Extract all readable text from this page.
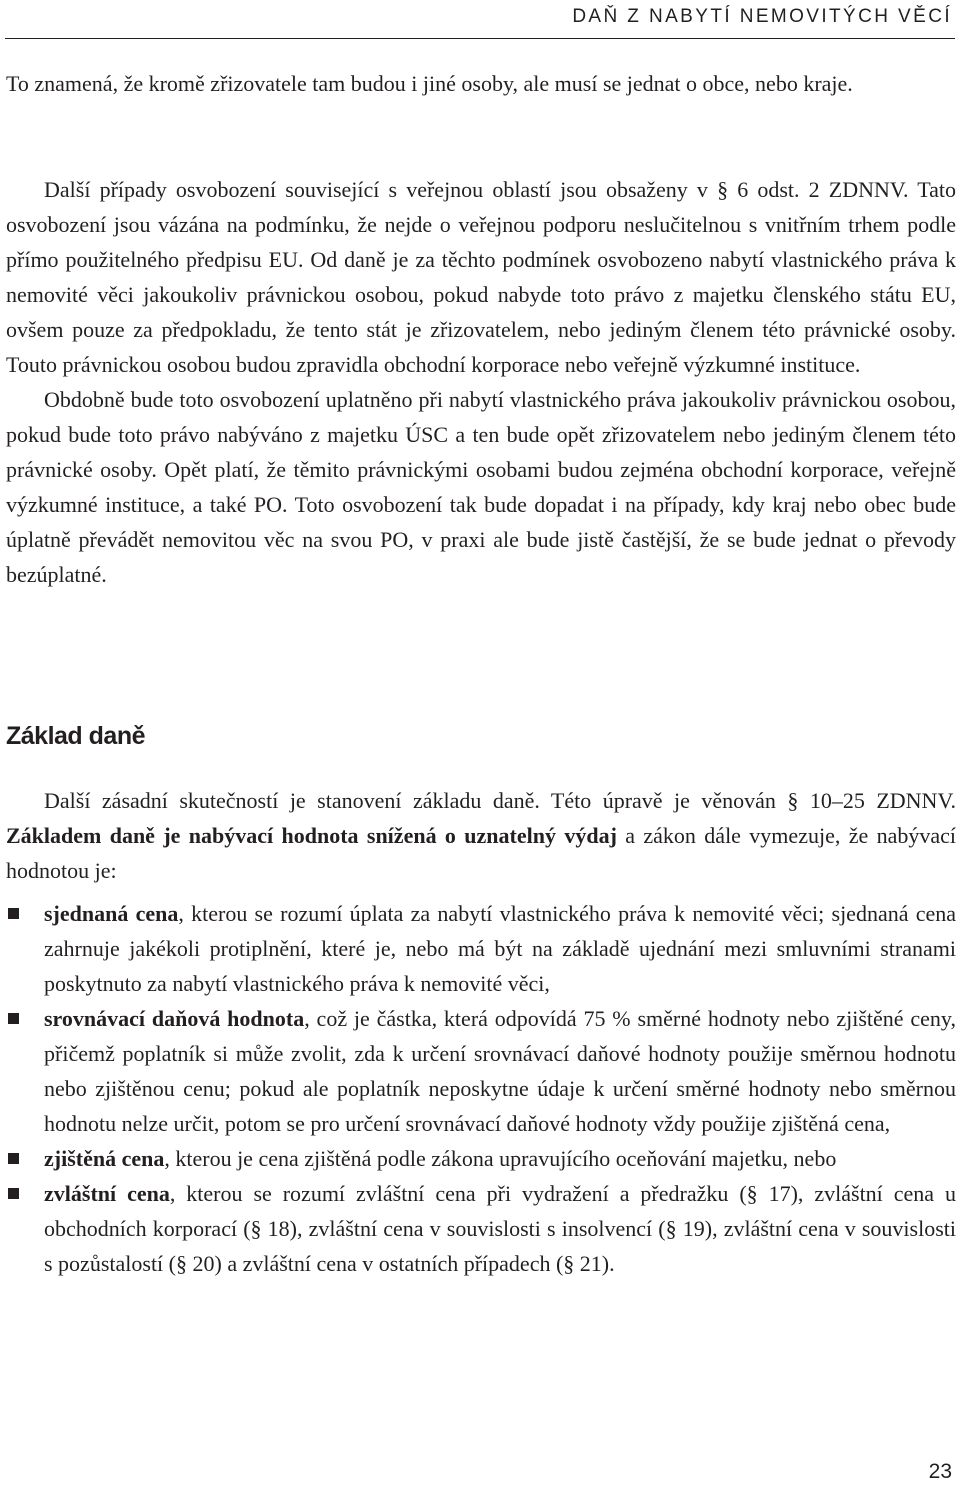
DAŇ Z NABYTÍ NEMOVITÝCH VĚCÍ

To znamená, že kromě zřizovatele tam budou i jiné osoby, ale musí se jednat o obce, nebo kraje.

Další případy osvobození související s veřejnou oblastí jsou obsaženy v § 6 odst. 2 ZDNNV. Tato osvobození jsou vázána na podmínku, že nejde o veřejnou podporu neslučitelnou s vnitřním trhem podle přímo použitelného předpisu EU. Od daně je za těchto podmínek osvobozeno nabytí vlastnického práva k nemovité věci jakoukoliv právnickou osobou, pokud nabyde toto právo z majetku členského státu EU, ovšem pouze za předpokladu, že tento stát je zřizovatelem, nebo jediným členem této právnické osoby. Touto právnickou osobou budou zpravidla obchodní korporace nebo veřejně výzkumné instituce.

Obdobně bude toto osvobození uplatněno při nabytí vlastnického práva jakoukoliv právnickou osobou, pokud bude toto právo nabýváno z majetku ÚSC a ten bude opět zřizovatelem nebo jediným členem této právnické osoby. Opět platí, že těmito právnickými osobami budou zejména obchodní korporace, veřejně výzkumné instituce, a také PO. Toto osvobození tak bude dopadat i na případy, kdy kraj nebo obec bude úplatně převádět nemovitou věc na svou PO, v praxi ale bude jistě častější, že se bude jednat o převody bezúplatné.

Základ daně

Další zásadní skutečností je stanovení základu daně. Této úpravě je věnován § 10–25 ZDNNV. Základem daně je nabývací hodnota snížená o uznatelný výdaj a zákon dále vymezuje, že nabývací hodnotou je:

sjednaná cena, kterou se rozumí úplata za nabytí vlastnického práva k nemovité věci; sjednaná cena zahrnuje jakékoli protiplnění, které je, nebo má být na základě ujednání mezi smluvními stranami poskytnuto za nabytí vlastnického práva k nemovité věci,
srovnávací daňová hodnota, což je částka, která odpovídá 75 % směrné hodnoty nebo zjištěné ceny, přičemž poplatník si může zvolit, zda k určení srovnávací daňové hodnoty použije směrnou hodnotu nebo zjištěnou cenu; pokud ale poplatník neposkytne údaje k určení směrné hodnoty nebo směrnou hodnotu nelze určit, potom se pro určení srovnávací daňové hodnoty vždy použije zjištěná cena,
zjištěná cena, kterou je cena zjištěná podle zákona upravujícího oceňování majetku, nebo
zvláštní cena, kterou se rozumí zvláštní cena při vydražení a předražku (§ 17), zvláštní cena u obchodních korporací (§ 18), zvláštní cena v souvislosti s insolvencí (§ 19), zvláštní cena v souvislosti s pozůstalostí (§ 20) a zvláštní cena v ostatních případech (§ 21).
23
